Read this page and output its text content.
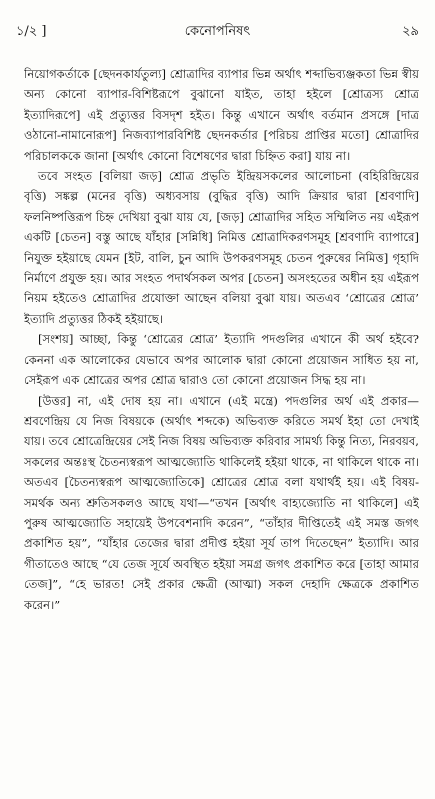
১/২ ]	কেনোপনিষৎ	২৯

নিয়োগকর্তাকে [ছেদনকার্যতুল্য] শ্রোত্রাদির ব্যাপার ভিন্ন অর্থাৎ শব্দাভিব্যঞ্জকতা ভিন্ন স্বীয় অন্য কোনো ব্যাপার-বিশিষ্টরূপে বুঝানো যাইত, তাহা হইলে [শ্রোত্রস্য শ্রোত্র ইত্যাদিরূপে] এই প্রত্যুত্তর বিসদৃশ হইত। কিন্তু এখানে অর্থাৎ বর্তমান প্রসঙ্গে [দাত্র ওঠানো-নামানোরূপ] নিজব্যাপারবিশিষ্ট ছেদনকর্তার [পরিচয় প্রাপ্তির মতো] শ্রোত্রাদির পরিচালককে জানা [অর্থাৎ কোনো বিশেষণের দ্বারা চিহ্নিত করা] যায় না।

তবে সংহত [বলিয়া জড়] শ্রোত্র প্রভৃতি ইন্দ্রিয়সকলের আলোচনা (বহিরিন্দ্রিয়ের বৃত্তি) সঙ্কল্প (মনের বৃত্তি) অধ্যবসায় (বুদ্ধির বৃত্তি) আদি ক্রিয়ার দ্বারা [শ্রবণাদি] ফলনিষ্পত্তিরূপ চিহ্ন দেখিয়া বুঝা যায় যে, [জড়] শ্রোত্রাদির সহিত সম্মিলিত নয় এইরূপ একটি [চেতন] বস্তু আছে যাঁহার [সন্নিধি] নিমিত্ত শ্রোত্রাদিকরণসমূহ [শ্রবণাদি ব্যাপারে] নিযুক্ত হইয়াছে যেমন [ইট, বালি, চুন আদি উপকরণসমূহ চেতন পুরুষের নিমিত্ত] গৃহাদি নির্মাণে প্রযুক্ত হয়। আর সংহত পদার্থসকল অপর [চেতন] অসংহতের অধীন হয় এইরূপ নিয়ম হইতেও শ্রোত্রাদির প্রযোক্তা আছেন বলিয়া বুঝা যায়। অতএব ‘শ্রোত্রের শ্রোত্র’ ইত্যাদি প্রত্যুত্তর ঠিকই হইয়াছে।

[সংশয়] আচ্ছা, কিন্তু ‘শ্রোত্রের শ্রোত্র’ ইত্যাদি পদগুলির এখানে কী অর্থ হইবে? কেননা এক আলোকের যেভাবে অপর আলোক দ্বারা কোনো প্রয়োজন সাধিত হয় না, সেইরূপ এক শ্রোত্রের অপর শ্রোত্র দ্বারাও তো কোনো প্রয়োজন সিদ্ধ হয় না।

[উত্তর] না, এই দোষ হয় না। এখানে (এই মন্ত্রে) পদগুলির অর্থ এই প্রকার—শ্রবণেন্দ্রিয় যে নিজ বিষয়কে (অর্থাৎ শব্দকে) অভিব্যক্ত করিতে সমর্থ ইহা তো দেখাই যায়। তবে শ্রোত্রেন্দ্রিয়ের সেই নিজ বিষয় অভিব্যক্ত করিবার সামর্থ্য কিন্তু নিত্য, নিরবয়ব, সকলের অন্তঃস্থ চৈতন্যস্বরূপ আত্মজ্যোতি থাকিলেই হইয়া থাকে, না থাকিলে থাকে না। অতএব [চৈতন্যস্বরূপ আত্মজ্যোতিকে] শ্রোত্রের শ্রোত্র বলা যথার্থই হয়। এই বিষয়-সমর্থক অন্য শ্রুতিসকলও আছে যথা—“তখন [অর্থাৎ বাহ্যজ্যোতি না থাকিলে] এই পুরুষ আত্মজ্যোতি সহায়েই উপবেশনাদি করেন”, “তাঁহার দীপ্তিতেই এই সমস্ত জগৎ প্রকাশিত হয়”, “যাঁহার তেজের দ্বারা প্রদীপ্ত হইয়া সূর্য তাপ দিতেছেন” ইত্যাদি। আর গীতাতেও আছে “যে তেজ সূর্যে অবস্থিত হইয়া সমগ্র জগৎ প্রকাশিত করে [তাহা আমার তেজ]”, “হে ভারত! সেই প্রকার ক্ষেত্রী (আত্মা) সকল দেহাদি ক্ষেত্রকে প্রকাশিত করেন।”
